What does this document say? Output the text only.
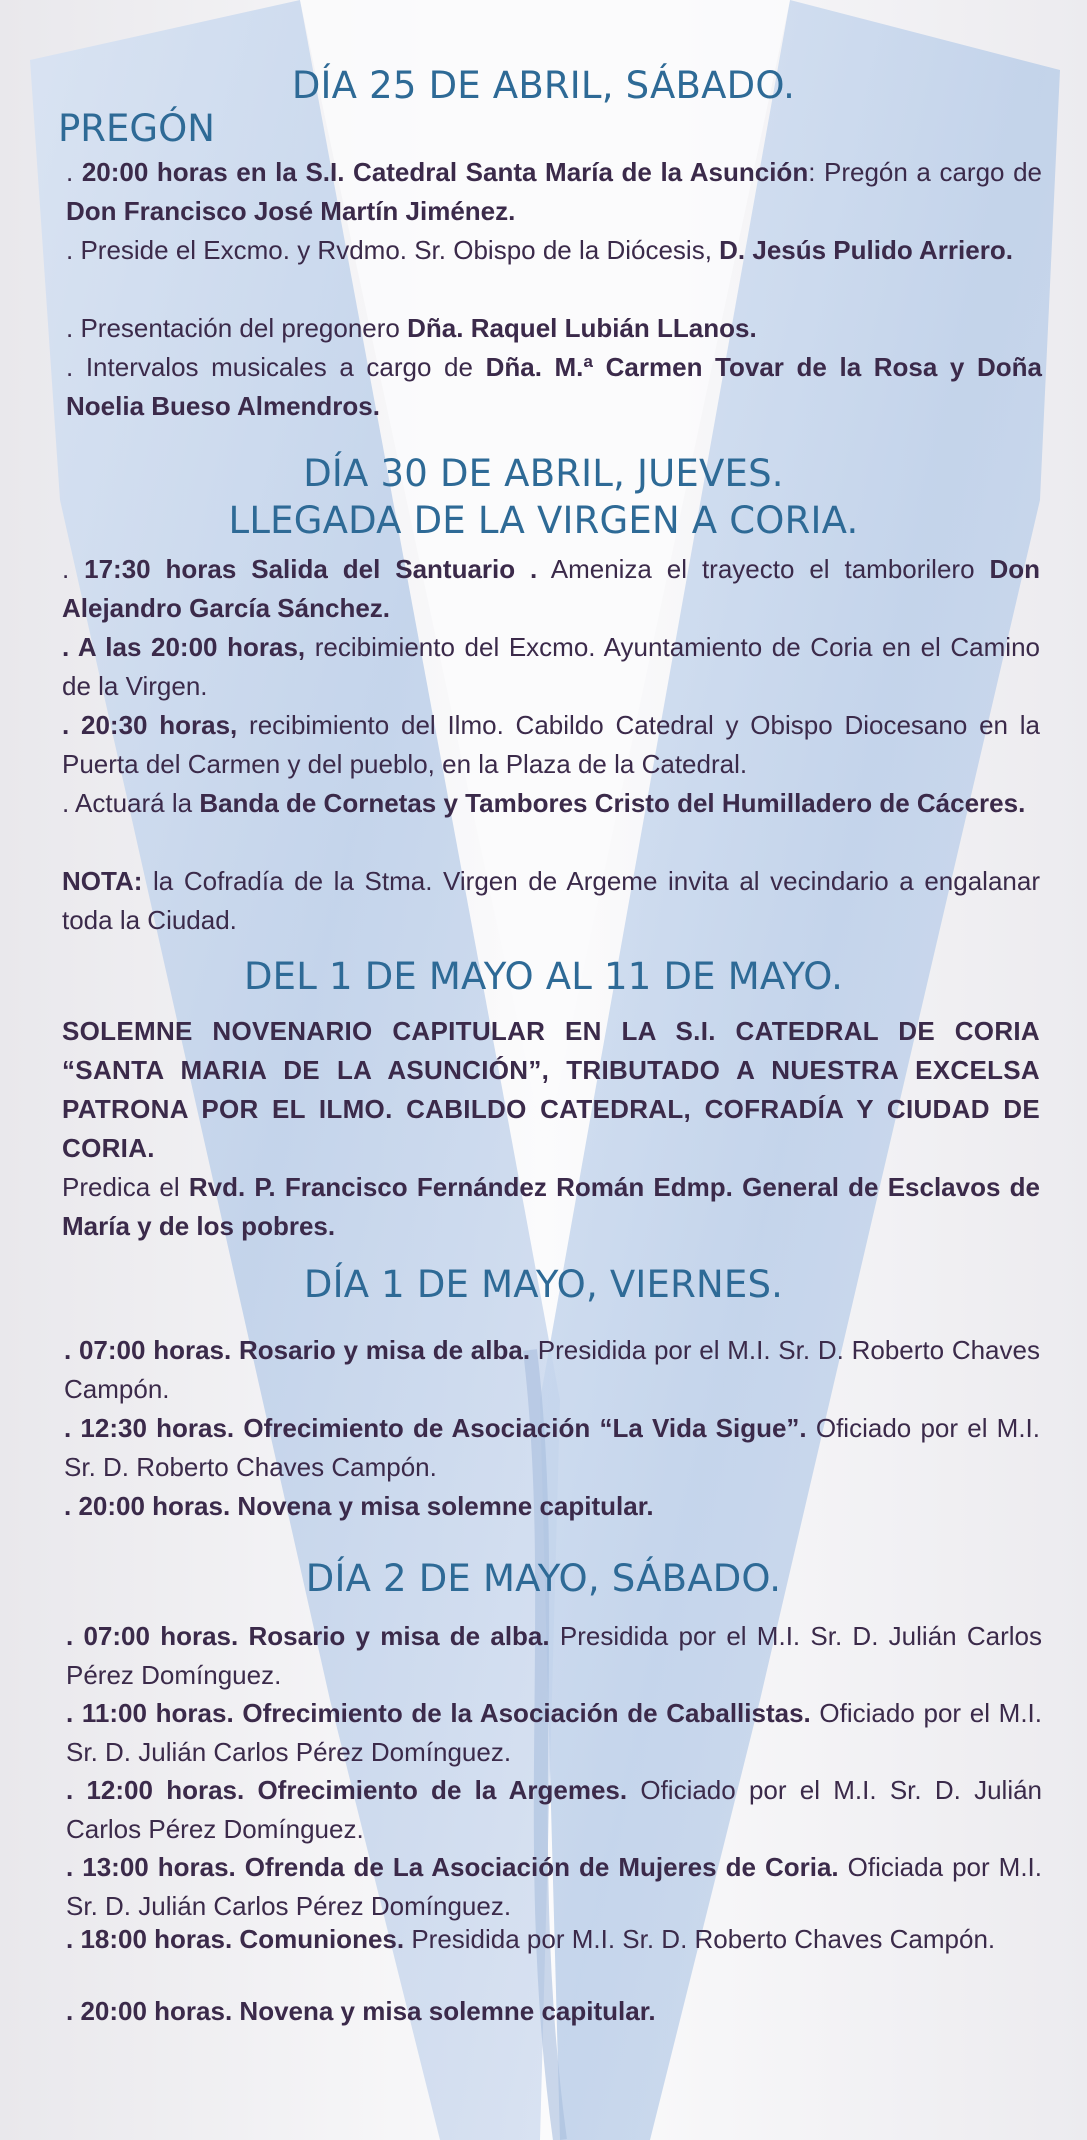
DÍA 25 DE ABRIL, SÁBADO.
PREGÓN

. 20:00 horas en la S.I. Catedral Santa María de la Asunción: Pregón a cargo de Don Francisco José Martín Jiménez.

. Preside el Excmo. y Rvdmo. Sr. Obispo de la Diócesis, D. Jesús Pulido Arriero.

. Presentación del pregonero Dña. Raquel Lubián LLanos.

. Intervalos musicales a cargo de Dña. M.ª Carmen Tovar de la Rosa y Doña Noelia Bueso Almendros.

DÍA 30 DE ABRIL, JUEVES.
LLEGADA DE LA VIRGEN A CORIA.

. 17:30 horas Salida del Santuario . Ameniza el trayecto el tamborilero Don Alejandro García Sánchez.

. A las 20:00 horas, recibimiento del Excmo. Ayuntamiento de Coria en el Camino de la Virgen.

. 20:30 horas, recibimiento del Ilmo. Cabildo Catedral y Obispo Diocesano en la Puerta del Carmen y del pueblo, en la Plaza de la Catedral.

. Actuará la Banda de Cornetas y Tambores Cristo del Humilladero de Cáceres.

NOTA: la Cofradía de la Stma. Virgen de Argeme invita al vecindario a engalanar toda la Ciudad.

DEL 1 DE MAYO AL 11 DE MAYO.

SOLEMNE NOVENARIO CAPITULAR EN LA S.I. CATEDRAL DE CORIA “SANTA MARIA DE LA ASUNCIÓN”, TRIBUTADO A NUESTRA EXCELSA PATRONA POR EL ILMO. CABILDO CATEDRAL, COFRADÍA Y CIUDAD DE CORIA.

Predica el Rvd. P. Francisco Fernández Román Edmp. General de Esclavos de María y de los pobres.

DÍA 1 DE MAYO, VIERNES.

. 07:00 horas. Rosario y misa de alba. Presidida por el M.I. Sr. D. Roberto Chaves Campón.

. 12:30 horas. Ofrecimiento de Asociación “La Vida Sigue”. Oficiado por el M.I. Sr. D. Roberto Chaves Campón.

. 20:00 horas. Novena y misa solemne capitular.

DÍA 2 DE MAYO, SÁBADO.

. 07:00 horas. Rosario y misa de alba. Presidida por el M.I. Sr. D. Julián Carlos Pérez Domínguez.

. 11:00 horas. Ofrecimiento de la Asociación de Caballistas. Oficiado por el M.I. Sr. D. Julián Carlos Pérez Domínguez.

. 12:00 horas. Ofrecimiento de la Argemes. Oficiado por el M.I. Sr. D. Julián Carlos Pérez Domínguez.

. 13:00 horas. Ofrenda de La Asociación de Mujeres de Coria. Oficiada por M.I. Sr. D. Julián Carlos Pérez Domínguez.

. 18:00 horas. Comuniones. Presidida por M.I. Sr. D. Roberto Chaves Campón.

. 20:00 horas. Novena y misa solemne capitular.
